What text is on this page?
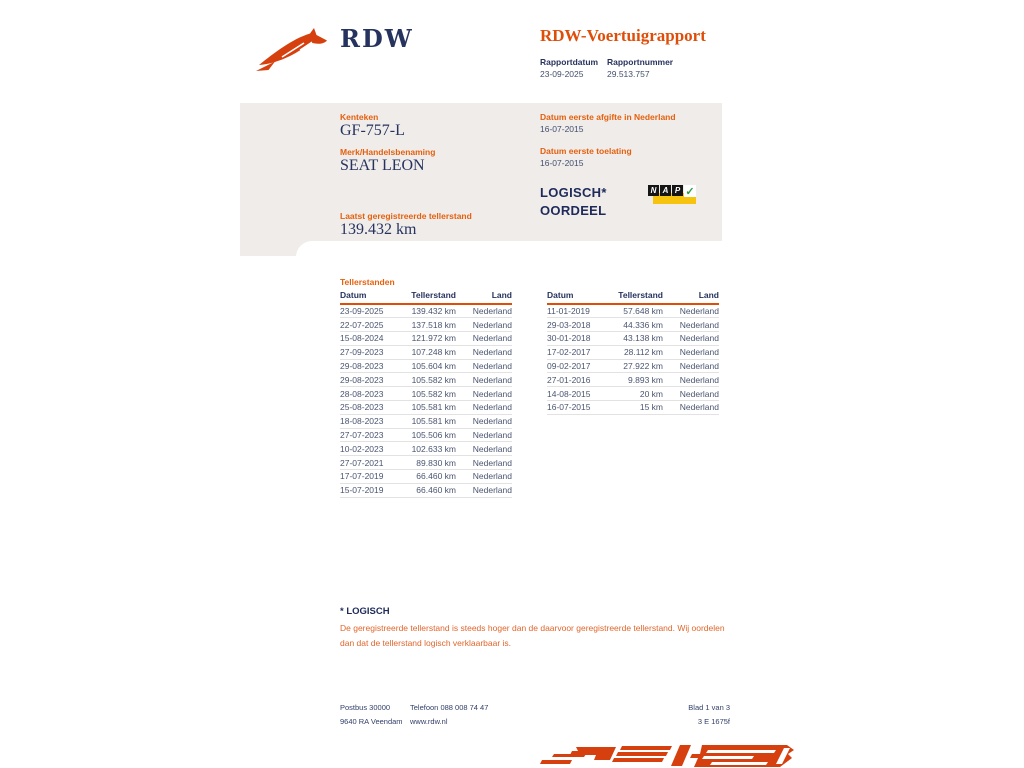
RDW	RDW-Voertuigrapport
Rapportdatum Rapportnummer
23-09-2025	29.513.757
Kenteken
GF-757-L
Merk/Handelsbenaming
SEAT LEON
Laatst geregistreerde tellerstand
139.432 km
Datum eerste afgifte in Nederland
16-07-2015
Datum eerste toelating
16-07-2015
LOGISCH*
OORDEEL
N A P ✓
Tellerstanden
Datum	Tellerstand	Land
23-09-2025	139.432 km	Nederland
22-07-2025	137.518 km	Nederland
15-08-2024	121.972 km	Nederland
27-09-2023	107.248 km	Nederland
29-08-2023	105.604 km	Nederland
29-08-2023	105.582 km	Nederland
28-08-2023	105.582 km	Nederland
25-08-2023	105.581 km	Nederland
18-08-2023	105.581 km	Nederland
27-07-2023	105.506 km	Nederland
10-02-2023	102.633 km	Nederland
27-07-2021	89.830 km	Nederland
17-07-2019	66.460 km	Nederland
15-07-2019	66.460 km	Nederland
Datum	Tellerstand	Land
11-01-2019	57.648 km	Nederland
29-03-2018	44.336 km	Nederland
30-01-2018	43.138 km	Nederland
17-02-2017	28.112 km	Nederland
09-02-2017	27.922 km	Nederland
27-01-2016	9.893 km	Nederland
14-08-2015	20 km	Nederland
16-07-2015	15 km	Nederland
* LOGISCH
De geregistreerde tellerstand is steeds hoger dan de daarvoor geregistreerde tellerstand. Wij oordelen dan dat de tellerstand logisch verklaarbaar is.
Postbus 30000
9640 RA Veendam
Telefoon 088 008 74 47
www.rdw.nl
Blad 1 van 3
3 E 1675f
